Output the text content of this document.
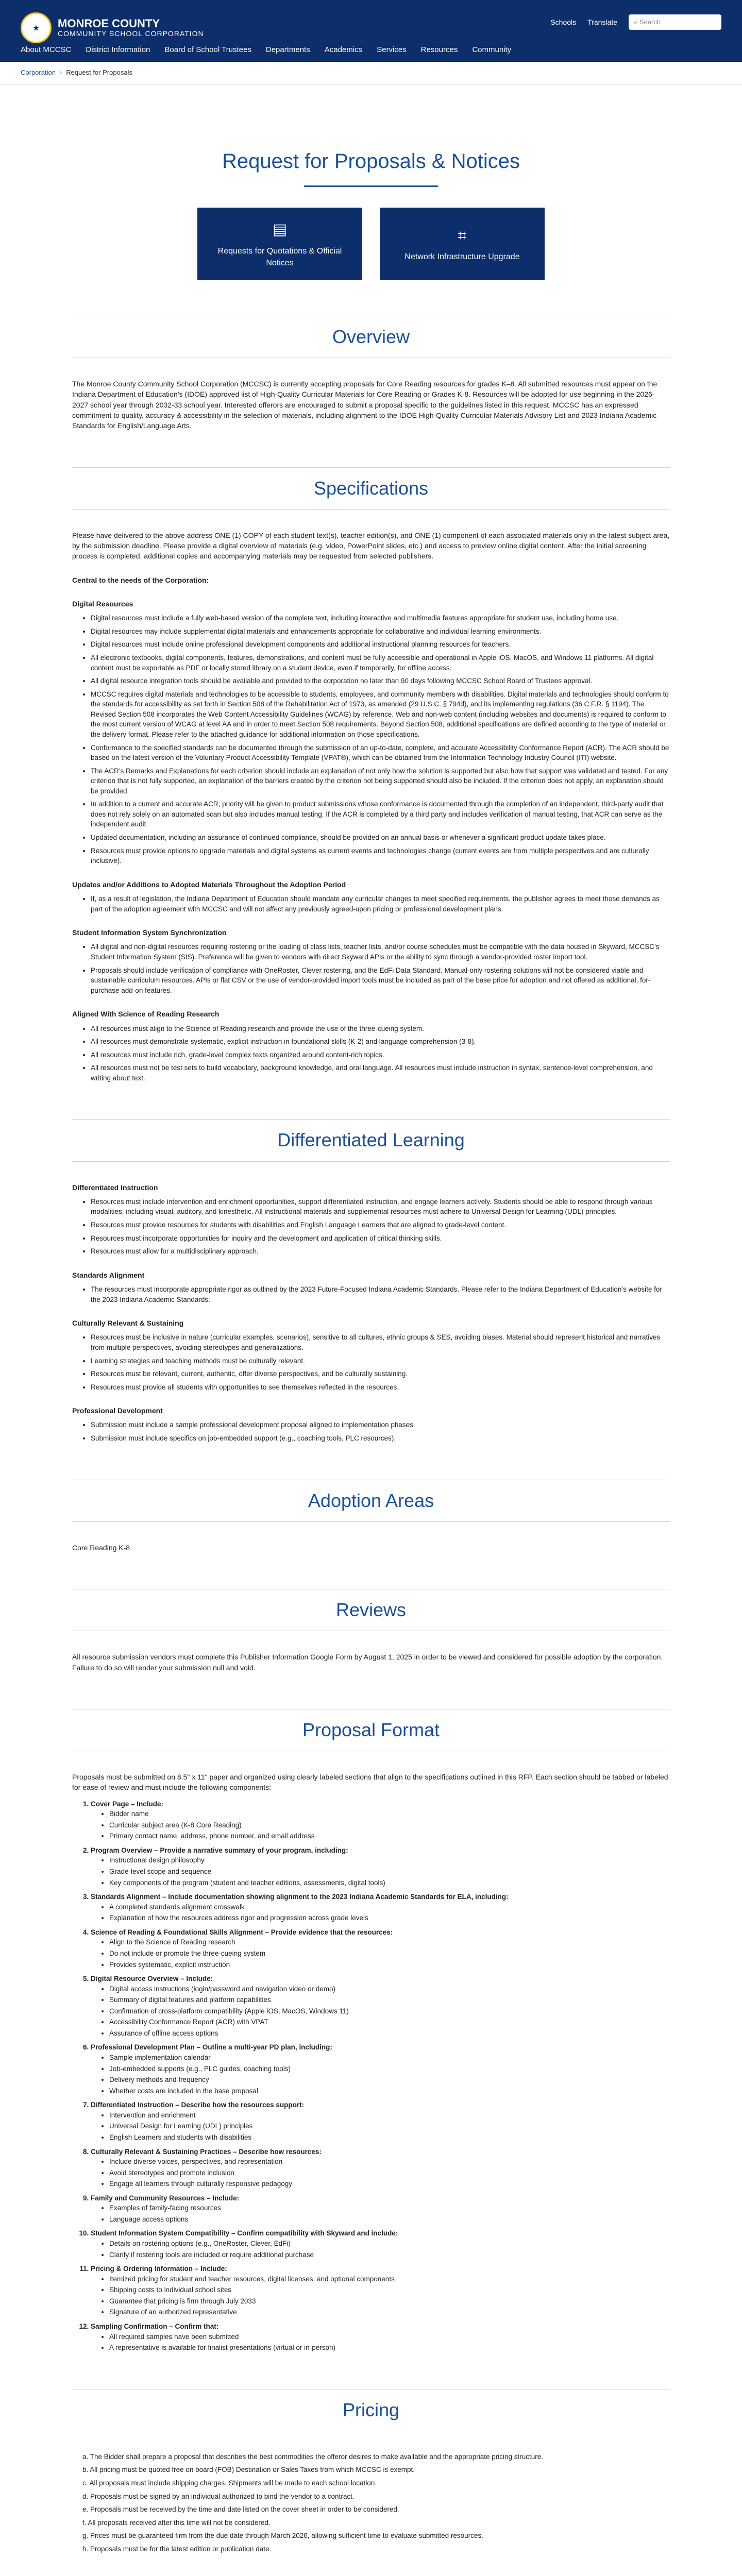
★	MONROE COUNTY
COMMUNITY SCHOOL CORPORATION
Schools Translate ⌕ Search
About MCCSC District Information Board of School Trustees Departments Academics Services Resources Community
Corporation › Request for Proposals
Request for Proposals & Notices
▤
Requests for Quotations & Official Notices
⌗
Network Infrastructure Upgrade
Overview

The Monroe County Community School Corporation (MCCSC) is currently accepting proposals for Core Reading resources for grades K–8. All submitted resources must appear on the Indiana Department of Education’s (IDOE) approved list of High-Quality Curricular Materials for Core Reading or Grades K-8. Resources will be adopted for use beginning in the 2026-2027 school year through 2032-33 school year. Interested offerors are encouraged to submit a proposal specific to the guidelines listed in this request. MCCSC has an expressed commitment to quality, accuracy & accessibility in the selection of materials, including alignment to the IDOE High-Quality Curricular Materials Advisory List and 2023 Indiana Academic Standards for English/Language Arts.

Specifications

Please have delivered to the above address ONE (1) COPY of each student text(s), teacher edition(s), and ONE (1) component of each associated materials only in the latest subject area, by the submission deadline. Please provide a digital overview of materials (e.g. video, PowerPoint slides, etc.) and access to preview online digital content. After the initial screening process is completed, additional copies and accompanying materials may be requested from selected publishers.

Central to the needs of the Corporation:
Digital Resources
• Digital resources must include a fully web-based version of the complete text, including interactive and multimedia features appropriate for student use, including home use.
• Digital resources may include supplemental digital materials and enhancements appropriate for collaborative and individual learning environments.
• Digital resources must include online professional development components and additional instructional planning resources for teachers.
• All electronic textbooks, digital components, features, demonstrations, and content must be fully accessible and operational in Apple iOS, MacOS, and Windows 11 platforms. All digital content must be exportable as PDF or locally stored library on a student device, even if temporarily, for offline access.
• All digital resource integration tools should be available and provided to the corporation no later than 90 days following MCCSC School Board of Trustees approval.
• MCCSC requires digital materials and technologies to be accessible to students, employees, and community members with disabilities. Digital materials and technologies should conform to the standards for accessibility as set forth in Section 508 of the Rehabilitation Act of 1973, as amended (29 U.S.C. § 794d), and its implementing regulations (36 C.F.R. § 1194). The Revised Section 508 incorporates the Web Content Accessibility Guidelines (WCAG) by reference. Web and non-web content (including websites and documents) is required to conform to the most current version of WCAG at level AA and in order to meet Section 508 requirements. Beyond Section 508, additional specifications are defined according to the type of material or the delivery format. Please refer to the attached guidance for additional information on those specifications.
• Conformance to the specified standards can be documented through the submission of an up-to-date, complete, and accurate Accessibility Conformance Report (ACR). The ACR should be based on the latest version of the Voluntary Product Accessibility Template (VPAT®), which can be obtained from the Information Technology Industry Council (ITI) website.
• The ACR’s Remarks and Explanations for each criterion should include an explanation of not only how the solution is supported but also how that support was validated and tested. For any criterion that is not fully supported, an explanation of the barriers created by the criterion not being supported should also be included. If the criterion does not apply, an explanation should be provided.
• In addition to a current and accurate ACR, priority will be given to product submissions whose conformance is documented through the completion of an independent, third-party audit that does not rely solely on an automated scan but also includes manual testing. If the ACR is completed by a third party and includes verification of manual testing, that ACR can serve as the independent audit.
• Updated documentation, including an assurance of continued compliance, should be provided on an annual basis or whenever a significant product update takes place.
• Resources must provide options to upgrade materials and digital systems as current events and technologies change (current events are from multiple perspectives and are culturally inclusive).
Updates and/or Additions to Adopted Materials Throughout the Adoption Period
• If, as a result of legislation, the Indiana Department of Education should mandate any curricular changes to meet specified requirements, the publisher agrees to meet those demands as part of the adoption agreement with MCCSC and will not affect any previously agreed-upon pricing or professional development plans.
Student Information System Synchronization
• All digital and non-digital resources requiring rostering or the loading of class lists, teacher lists, and/or course schedules must be compatible with the data housed in Skyward, MCCSC’s Student Information System (SIS). Preference will be given to vendors with direct Skyward APIs or the ability to sync through a vendor-provided roster import tool.
• Proposals should include verification of compliance with OneRoster, Clever rostering, and the EdFi Data Standard. Manual-only rostering solutions will not be considered viable and sustainable curriculum resources. APIs or flat CSV or the use of vendor-provided import tools must be included as part of the base price for adoption and not offered as additional, for-purchase add-on features.
Aligned With Science of Reading Research
• All resources must align to the Science of Reading research and provide the use of the three-cueing system.
• All resources must demonstrate systematic, explicit instruction in foundational skills (K-2) and language comprehension (3-8).
• All resources must include rich, grade-level complex texts organized around content-rich topics.
• All resources must not be test sets to build vocabulary, background knowledge, and oral language. All resources must include instruction in syntax, sentence-level comprehension, and writing about text.
Differentiated Learning
Differentiated Instruction
• Resources must include intervention and enrichment opportunities, support differentiated instruction, and engage learners actively. Students should be able to respond through various modalities, including visual, auditory, and kinesthetic. All instructional materials and supplemental resources must adhere to Universal Design for Learning (UDL) principles.
• Resources must provide resources for students with disabilities and English Language Learners that are aligned to grade-level content.
• Resources must incorporate opportunities for inquiry and the development and application of critical thinking skills.
• Resources must allow for a multidisciplinary approach.
Standards Alignment
• The resources must incorporate appropriate rigor as outlined by the 2023 Future-Focused Indiana Academic Standards. Please refer to the Indiana Department of Education’s website for the 2023 Indiana Academic Standards.
Culturally Relevant & Sustaining
• Resources must be inclusive in nature (curricular examples, scenarios), sensitive to all cultures, ethnic groups & SES, avoiding biases. Material should represent historical and narratives from multiple perspectives, avoiding stereotypes and generalizations.
• Learning strategies and teaching methods must be culturally relevant.
• Resources must be relevant, current, authentic, offer diverse perspectives, and be culturally sustaining.
• Resources must provide all students with opportunities to see themselves reflected in the resources.
Professional Development
• Submission must include a sample professional development proposal aligned to implementation phases.
• Submission must include specifics on job-embedded support (e.g., coaching tools, PLC resources).
Adoption Areas

Core Reading K-8

Reviews

All resource submission vendors must complete this Publisher Information Google Form by August 1, 2025 in order to be viewed and considered for possible adoption by the corporation. Failure to do so will render your submission null and void.

Proposal Format

Proposals must be submitted on 8.5" x 11" paper and organized using clearly labeled sections that align to the specifications outlined in this RFP. Each section should be tabbed or labeled for ease of review and must include the following components:

1. Cover Page – Include:
• Bidder name
• Curricular subject area (K-8 Core Reading)
• Primary contact name, address, phone number, and email address
2. Program Overview – Provide a narrative summary of your program, including:
• Instructional design philosophy
• Grade-level scope and sequence
• Key components of the program (student and teacher editions, assessments, digital tools)
3. Standards Alignment – Include documentation showing alignment to the 2023 Indiana Academic Standards for ELA, including:
• A completed standards alignment crosswalk
• Explanation of how the resources address rigor and progression across grade levels
4. Science of Reading & Foundational Skills Alignment – Provide evidence that the resources:
• Align to the Science of Reading research
• Do not include or promote the three-cueing system
• Provides systematic, explicit instruction
5. Digital Resource Overview – Include:
• Digital access instructions (login/password and navigation video or demo)
• Summary of digital features and platform capabilities
• Confirmation of cross-platform compatibility (Apple iOS, MacOS, Windows 11)
• Accessibility Conformance Report (ACR) with VPAT
• Assurance of offline access options
6. Professional Development Plan – Outline a multi-year PD plan, including:
• Sample implementation calendar
• Job-embedded supports (e.g., PLC guides, coaching tools)
• Delivery methods and frequency
• Whether costs are included in the base proposal
7. Differentiated Instruction – Describe how the resources support:
• Intervention and enrichment
• Universal Design for Learning (UDL) principles
• English Learners and students with disabilities
8. Culturally Relevant & Sustaining Practices – Describe how resources:
• Include diverse voices, perspectives, and representation
• Avoid stereotypes and promote inclusion
• Engage all learners through culturally responsive pedagogy
9. Family and Community Resources – Include:
• Examples of family-facing resources
• Language access options
10. Student Information System Compatibility – Confirm compatibility with Skyward and include:
• Details on rostering options (e.g., OneRoster, Clever, EdFi)
• Clarify if rostering tools are included or require additional purchase
11. Pricing & Ordering Information – Include:
• Itemized pricing for student and teacher resources, digital licenses, and optional components
• Shipping costs to individual school sites
• Guarantee that pricing is firm through July 2033
• Signature of an authorized representative
12. Sampling Confirmation – Confirm that:
• All required samples have been submitted
• A representative is available for finalist presentations (virtual or in-person)
Pricing
a. The Bidder shall prepare a proposal that describes the best commodities the offeror desires to make available and the appropriate pricing structure.
b. All pricing must be quoted free on board (FOB) Destination or Sales Taxes from which MCCSC is exempt.
c. All proposals must include shipping charges. Shipments will be made to each school location.
d. Proposals must be signed by an individual authorized to bind the vendor to a contract.
e. Proposals must be received by the time and date listed on the cover sheet in order to be considered.
f. All proposals received after this time will not be considered.
g. Prices must be guaranteed firm from the due date through March 2026, allowing sufficient time to evaluate submitted resources.
h. Proposals must be for the latest edition or publication date.
